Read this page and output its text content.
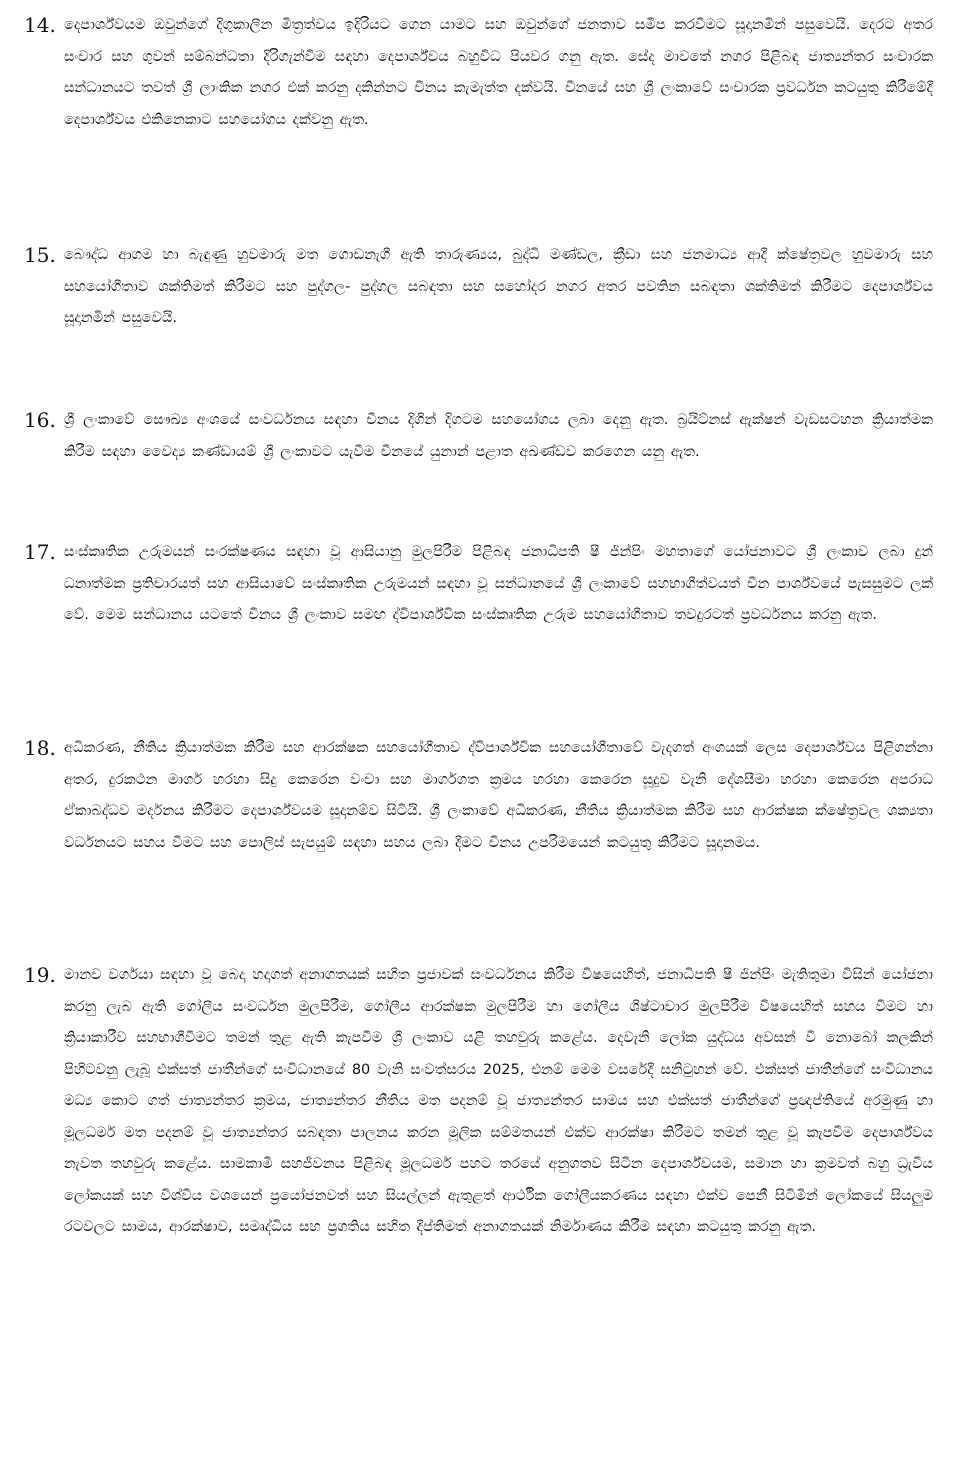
14. දෙපාර්ශ්වයම ඔවුන්ගේ දිගුකාලීන මිත්‍රත්වය ඉදිරියට ගෙන යාමට සහ ඔවුන්ගේ ජනතාව සමීප කරවීමට සූදානමින් පසුවෙයි. දෙරට අතර සංචාර සහ ගුවන් සම්බන්ධතා දිරිගැන්වීම සඳහා දෙපාර්ශ්වය බහුවිධ පියවර ගනු ඇත. සේද මාවතේ නගර පිළිබඳ ජාත්‍යන්තර සංචාරක සන්ධානයට තවත් ශ්‍රී ලාංකික නගර එක් කරනු දකින්නට චීනය කැමැත්ත දක්වයි. චීනයේ සහ ශ්‍රී ලංකාවේ සංචාරක ප්‍රවර්ධන කටයුතු කිරීමේදී දෙපාර්ශ්වය එකිනෙකාට සහයෝගය දක්වනු ඇත.
15. බෞද්ධ ආගම හා බැඳුණු හුවමාරු මත ගොඩනැගී ඇති තාරුණ්‍යය, බුද්ධි මණ්ඩල, ක්‍රීඩා සහ ජනමාධ්‍ය ආදී ක්ෂේත්‍රවල හුවමාරු සහ සහයෝගීතාව ශක්තිමත් කිරීමට සහ පුද්ගල- පුද්ගල සබඳතා සහ සහෝදර නගර අතර පවතින සබඳතා ශක්තිමත් කිරීමට දෙපාර්ශ්වය සූදානමින් පසුවෙයි.
16. ශ්‍රී ලංකාවේ සෞඛ්‍ය අංශයේ සංවර්ධනය සඳහා චීනය දිගින් දිගටම සහයෝගය ලබා දෙනු ඇත. බ්‍රයිට්නස් ඇක්ෂන් වැඩසටහන ක්‍රියාත්මක කිරීම සඳහා වෛද්‍ය කණ්ඩායම් ශ්‍රී ලංකාවට යැවීම චීනයේ යුනාන් පළාත අඛණ්ඩව කරගෙන යනු ඇත.
17. සංස්කෘතික උරුමයන් සංරක්ෂණය සඳහා වූ ආසියානු මුලපිරීම පිළිබඳ ජනාධිපති ෂී ජින්පිං මහතාගේ යෝජනාවට ශ්‍රී ලංකාව ලබා දුන් ධනාත්මක ප්‍රතිචාරයත් සහ ආසියාවේ සංස්කෘතික උරුමයන් සඳහා වූ සන්ධානයේ ශ්‍රී ලංකාවේ සහභාගීත්වයත් චීන පාර්ශ්වයේ පැසසුමට ලක් වේ. මෙම සන්ධානය යටතේ චීනය ශ්‍රී ලංකාව සමඟ ද්විපාර්ශ්වික සංස්කෘතික උරුම සහයෝගීතාව තවදුරටත් ප්‍රවර්ධනය කරනු ඇත.
18. අධිකරණ, නීතිය ක්‍රියාත්මක කිරීම සහ ආරක්ෂක සහයෝගීතාව ද්විපාර්ශ්වික සහයෝගීතාවේ වැදගත් අංගයක් ලෙස දෙපාර්ශ්වය පිළිගන්නා අතර, දුරකථන මාර්ග හරහා සිදු කෙරෙන වංචා සහ මාර්ගගත ක්‍රමය හරහා කෙරෙන සූදුව වැනි දේශසීමා හරහා කෙරෙන අපරාධ ඒකාබද්ධව මර්දනය කිරීමට දෙපාර්ශ්වයම සූදානම්ව සිටියි. ශ්‍රී ලංකාවේ අධිකරණ, නීතිය ක්‍රියාත්මක කිරීම සහ ආරක්ෂක ක්ෂේත්‍රවල ශක්‍යතා වර්ධනයට සහය වීමට සහ පොලිස් සැපයුම් සඳහා සහය ලබා දීමට චීනය උපරිමයෙන් කටයුතු කිරීමට සූදානමය.
19. මානව වර්ගයා සඳහා වූ බෙදා හදාගත් අනාගතයක් සහිත ප්‍රජාවක් සංවර්ධනය කිරීම විෂයෙහිත්, ජනාධිපති ෂී ජින්පිං මැතිතුමා විසින් යෝජනා කරනු ලැබ ඇති ගෝලීය සංවර්ධන මුලපිරීම, ගෝලීය ආරක්ෂක මුලපිරීම හා ගෝලීය ශිෂ්ටාචාර මුලපිරීම විෂයෙහිත් සහය වීමට හා ක්‍රියාකාරීව සහභාගීවීමට තමන් තුළ ඇති කැපවීම ශ්‍රී ලංකාව යළි තහවුරු කළේය. දෙවැනි ලෝක යුද්ධය අවසන් වී නොබෝ කලකින් පිහිටවනු ලැබූ එක්සත් ජාතීන්ගේ සංවිධානයේ 80 වැනි සංවත්සරය 2025, එනම් මෙම වසරේදී සනිටුහන් වේ. එක්සත් ජාතීන්ගේ සංවිධානය මධ්‍ය කොට ගත් ජාත්‍යන්තර ක්‍රමය, ජාත්‍යන්තර නීතිය මත පදනම් වූ ජාත්‍යන්තර සාමය සහ එක්සත් ජාතීන්ගේ ප්‍රඥප්තියේ අරමුණු හා මූලධර්ම මත පදනම් වූ ජාත්‍යන්තර සබඳතා පාලනය කරන මූලික සම්මතයන් එක්ව ආරක්ෂා කිරීමට තමන් තුළ වූ කැපවීම දෙපාර්ශ්වය නැවත තහවුරු කළේය. සාමකාමී සහජීවනය පිළිබඳ මූලධර්ම පහට තරයේ අනුගතව සිටින දෙපාර්ශ්වයම, සමාන හා ක්‍රමවත් බහු ධ්‍රැවීය ලෝකයක් සහ විශ්වීය වශයෙන් ප්‍රයෝජනවත් සහ සියල්ලන් ඇතුළත් ආර්ථික ගෝලීයකරණය සඳහා එක්ව පෙනී සිටිමින් ලෝකයේ සියලුම රටවලට සාමය, ආරක්ෂාව, සමෘද්ධිය සහ ප්‍රගතිය සහිත දීප්තිමත් අනාගතයක් නිර්මාණය කිරීම සඳහා කටයුතු කරනු ඇත.
